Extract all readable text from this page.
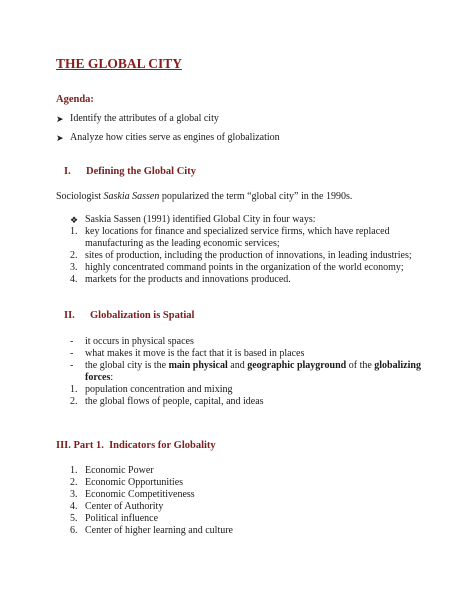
THE GLOBAL CITY
Agenda:
➤ Identify the attributes of a global city
➤ Analyze how cities serve as engines of globalization
I. Defining the Global City
Sociologist Saskia Sassen popularized the term “global city” in the 1990s.
❖ Saskia Sassen (1991) identified Global City in four ways:
1. key locations for finance and specialized service firms, which have replaced
manufacturing as the leading economic services;
2. sites of production, including the production of innovations, in leading industries;
3. highly concentrated command points in the organization of the world economy;
4. markets for the products and innovations produced.
II. Globalization is Spatial
- it occurs in physical spaces
- what makes it move is the fact that it is based in places
- the global city is the main physical and geographic playground of the globalizing
forces:
1. population concentration and mixing
2. the global flows of people, capital, and ideas
III. Part 1. Indicators for Globality
1. Economic Power
2. Economic Opportunities
3. Economic Competitiveness
4. Center of Authority
5. Political influence
6. Center of higher learning and culture
